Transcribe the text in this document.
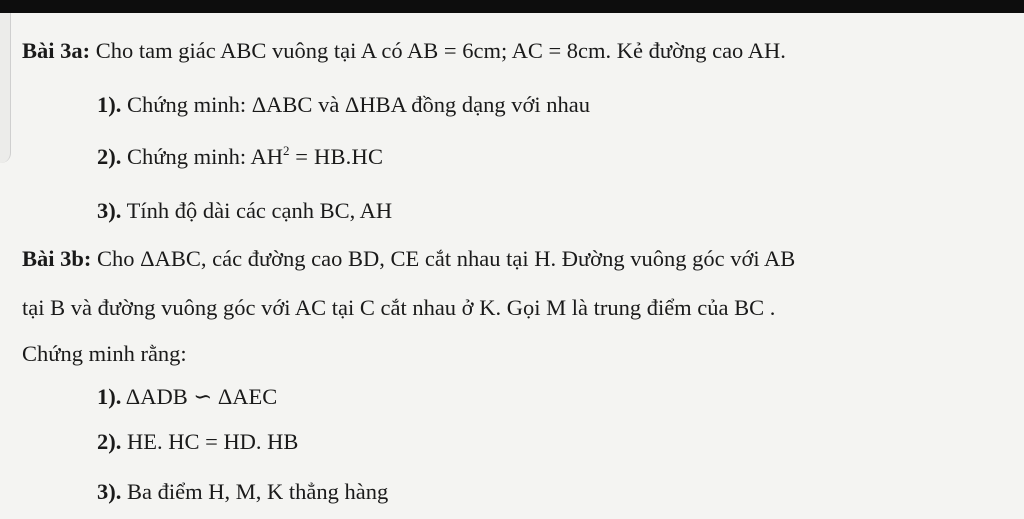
Bài 3a: Cho tam giác ABC vuông tại A có AB = 6cm; AC = 8cm. Kẻ đường cao AH.
1). Chứng minh: ΔABC và ΔHBA đồng dạng với nhau
2). Chứng minh: $AH^2 = HB.HC$
3). Tính độ dài các cạnh BC, AH
Bài 3b: Cho ΔABC, các đường cao BD, CE cắt nhau tại H. Đường vuông góc với AB
tại B và đường vuông góc với AC tại C cắt nhau ở K. Gọi M là trung điểm của BC .
Chứng minh rằng:
1). ΔADB ∽ ΔAEC
2). HE. HC = HD. HB
3). Ba điểm H, M, K thẳng hàng
